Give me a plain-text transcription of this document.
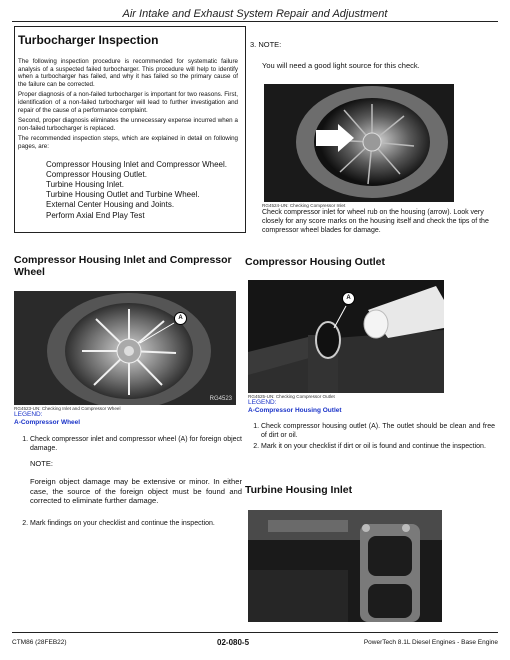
Air Intake and Exhaust System Repair and Adjustment

Turbocharger Inspection

The following inspection procedure is recommended for systematic failure analysis of a suspected failed turbocharger. This procedure will help to identify when a turbocharger has failed, and why it has failed so the primary cause of the failure can be corrected.

Proper diagnosis of a non-failed turbocharger is important for two reasons. First, identification of a non-failed turbocharger will lead to further investigation and repair of the cause of a performance complaint.

Second, proper diagnosis eliminates the unnecessary expense incurred when a non-failed turbocharger is replaced.

The recommended inspection steps, which are explained in detail on following pages, are:

Compressor Housing Inlet and Compressor Wheel.
Compressor Housing Outlet.
Turbine Housing Inlet.
Turbine Housing Outlet and Turbine Wheel.
External Center Housing and Joints.
Perform Axial End Play Test

Compressor Housing Inlet and Compressor Wheel

A
RG4523
RG4523-UN: Checking Inlet and Compressor Wheel
LEGEND:
A-Compressor Wheel
1. Check compressor inlet and compressor wheel (A) for foreign object damage.
NOTE:

Foreign object damage may be extensive or minor. In either case, the source of the foreign object must be found and corrected to eliminate further damage.

2. Mark findings on your checklist and continue the inspection.
3. NOTE:
You will need a good light source for this check.
RG4524-UN: Checking Compressor Inlet

Check compressor inlet for wheel rub on the housing (arrow). Look very closely for any score marks on the housing itself and check the tips of the compressor wheel blades for damage.

Compressor Housing Outlet

A
RG4525-UN: Checking Compressor Outlet
LEGEND:
A-Compressor Housing Outlet
1. Check compressor housing outlet (A). The outlet should be clean and free of dirt or oil.
2. Mark it on your checklist if dirt or oil is found and continue the inspection.

Turbine Housing Inlet

CTM86 (28FEB22)	02-080-5	PowerTech 8.1L Diesel Engines - Base Engine
